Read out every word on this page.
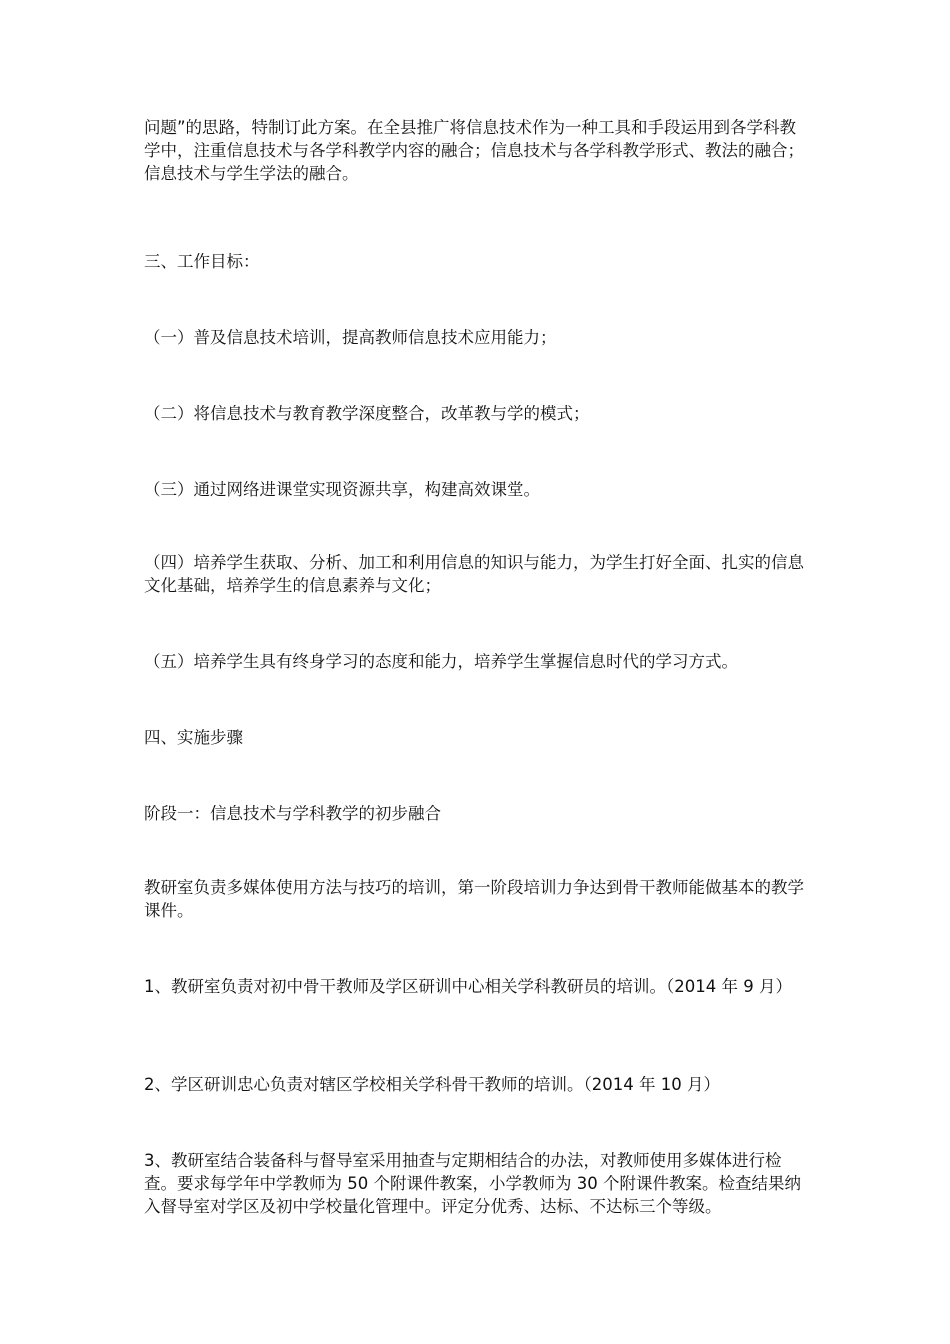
问题”的思路，特制订此方案。在全县推广将信息技术作为一种工具和手段运用到各学科教学中，注重信息技术与各学科教学内容的融合；信息技术与各学科教学形式、教法的融合；信息技术与学生学法的融合。

三、工作目标：

（一）普及信息技术培训，提高教师信息技术应用能力；

（二）将信息技术与教育教学深度整合，改革教与学的模式；

（三）通过网络进课堂实现资源共享，构建高效课堂。

（四）培养学生获取、分析、加工和利用信息的知识与能力，为学生打好全面、扎实的信息文化基础，培养学生的信息素养与文化；

（五）培养学生具有终身学习的态度和能力，培养学生掌握信息时代的学习方式。

四、实施步骤

阶段一：信息技术与学科教学的初步融合

教研室负责多媒体使用方法与技巧的培训，第一阶段培训力争达到骨干教师能做基本的教学课件。

1、教研室负责对初中骨干教师及学区研训中心相关学科教研员的培训。（2014 年 9 月）

2、学区研训忠心负责对辖区学校相关学科骨干教师的培训。（2014 年 10 月）

3、教研室结合装备科与督导室采用抽查与定期相结合的办法，对教师使用多媒体进行检查。要求每学年中学教师为 50 个附课件教案，小学教师为 30 个附课件教案。检查结果纳入督导室对学区及初中学校量化管理中。评定分优秀、达标、不达标三个等级。
